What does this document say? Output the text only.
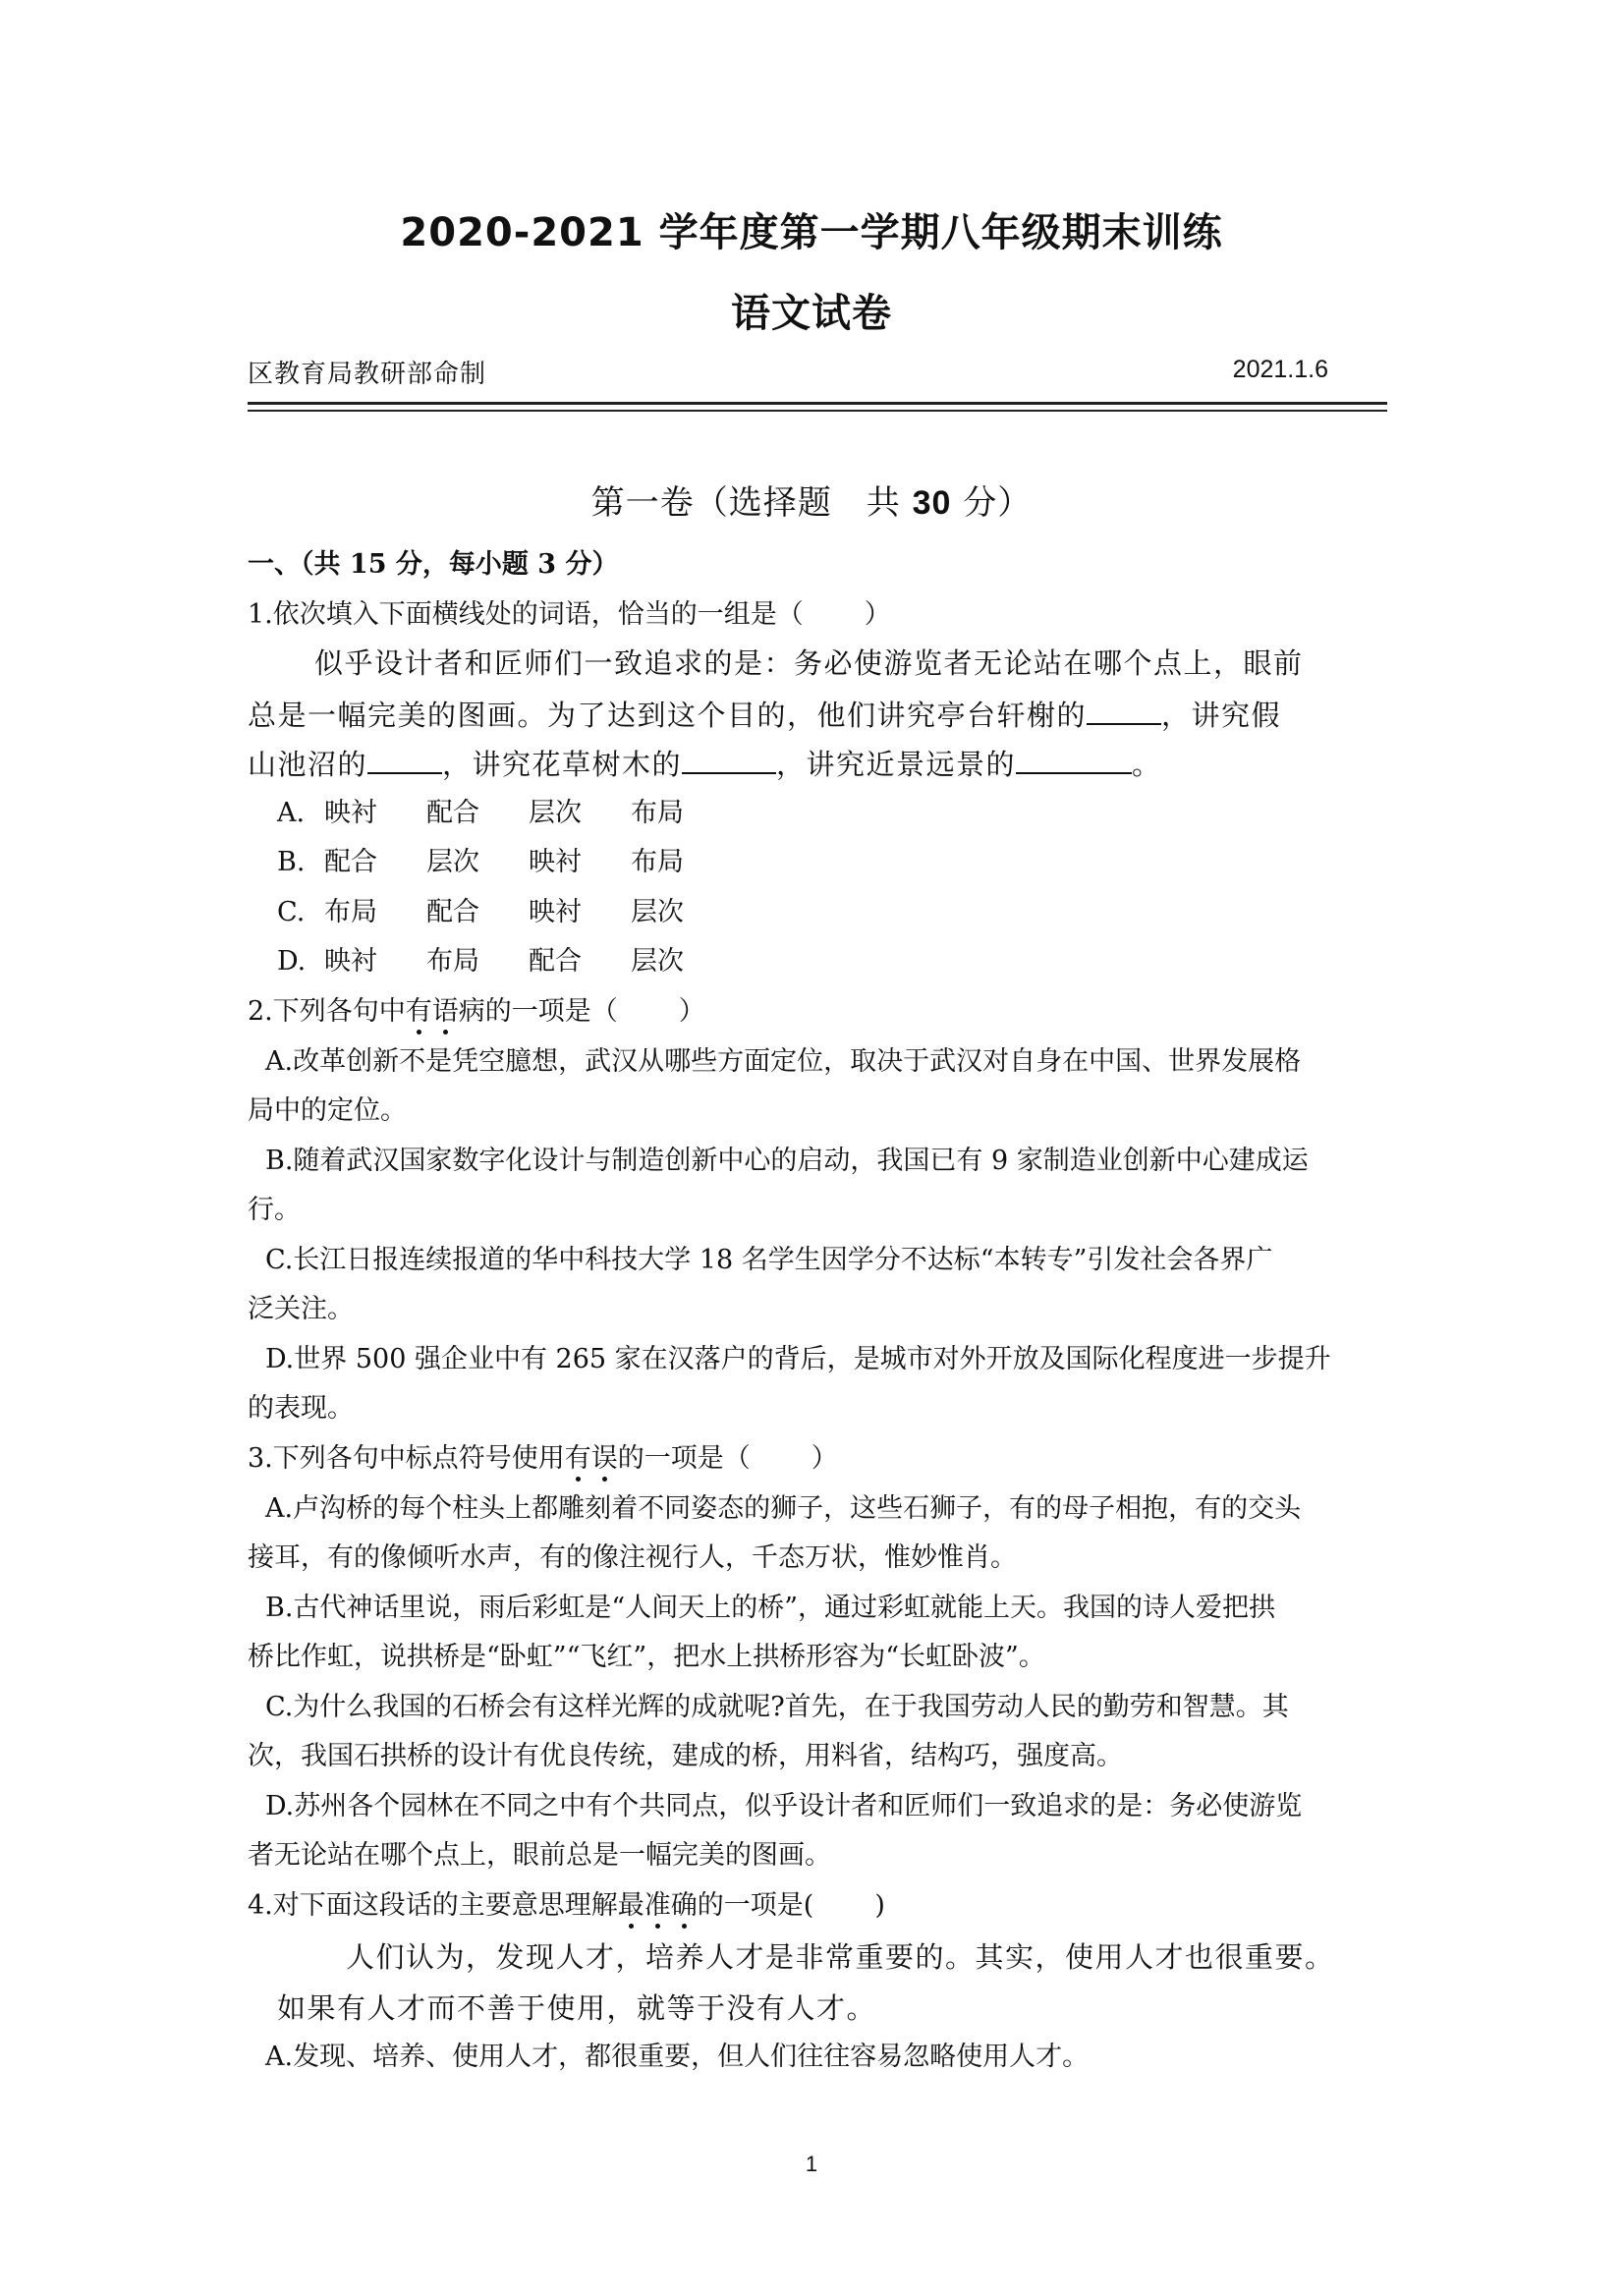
2020-2021 学年度第一学期八年级期末训练
语文试卷
区教育局教研部命制	2021.1.6
第一卷（选择题　共 30 分）
一、（共 15 分，每小题 3 分）
1.依次填入下面横线处的词语，恰当的一组是（ ）
似乎设计者和匠师们一致追求的是：务必使游览者无论站在哪个点上，眼前
总是一幅完美的图画。为了达到这个目的，他们讲究亭台轩榭的	，讲究假
山池沼的	，讲究花草树木的	，讲究近景远景的	。
A. 映衬 配合 层次 布局
B. 配合 层次 映衬 布局
C. 布局 配合 映衬 层次
D. 映衬 布局 配合 层次
2.下列各句中有语病的一项是（ ）
A.改革创新不是凭空臆想，武汉从哪些方面定位，取决于武汉对自身在中国、世界发展格
局中的定位。
B.随着武汉国家数字化设计与制造创新中心的启动，我国已有 9 家制造业创新中心建成运
行。
C.长江日报连续报道的华中科技大学 18 名学生因学分不达标“本转专”引发社会各界广
泛关注。
D.世界 500 强企业中有 265 家在汉落户的背后，是城市对外开放及国际化程度进一步提升
的表现。
3.下列各句中标点符号使用有误的一项是（ ）
A.卢沟桥的每个柱头上都雕刻着不同姿态的狮子，这些石狮子，有的母子相抱，有的交头
接耳，有的像倾听水声，有的像注视行人，千态万状，惟妙惟肖。
B.古代神话里说，雨后彩虹是“人间天上的桥”，通过彩虹就能上天。我国的诗人爱把拱
桥比作虹，说拱桥是“卧虹”“飞红”，把水上拱桥形容为“长虹卧波”。
C.为什么我国的石桥会有这样光辉的成就呢?首先，在于我国劳动人民的勤劳和智慧。其
次，我国石拱桥的设计有优良传统，建成的桥，用料省，结构巧，强度高。
D.苏州各个园林在不同之中有个共同点，似乎设计者和匠师们一致追求的是：务必使游览
者无论站在哪个点上，眼前总是一幅完美的图画。
4.对下面这段话的主要意思理解最准确的一项是( )
人们认为，发现人才，培养人才是非常重要的。其实，使用人才也很重要。
如果有人才而不善于使用，就等于没有人才。
A.发现、培养、使用人才，都很重要，但人们往往容易忽略使用人才。
1
